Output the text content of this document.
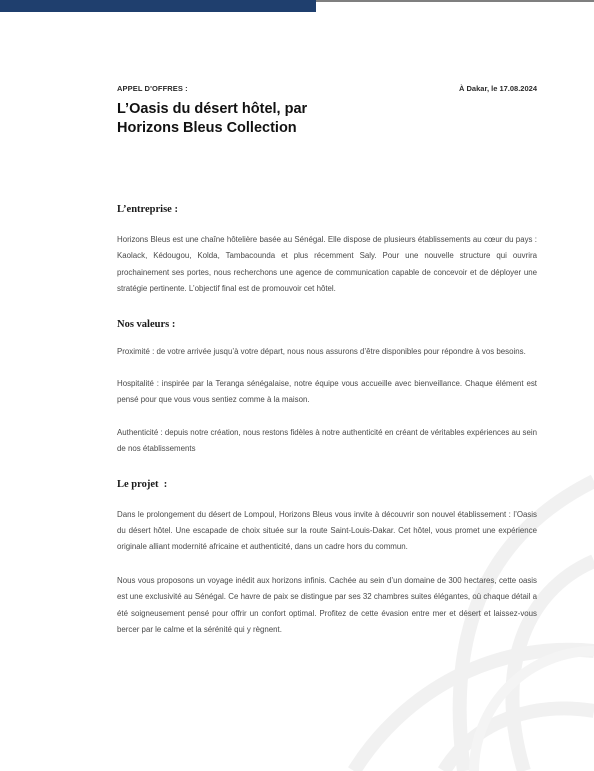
APPEL D'OFFRES :	À Dakar, le 17.08.2024
L’Oasis du désert hôtel, par
Horizons Bleus Collection

L’entreprise :

Horizons Bleus est une chaîne hôtelière basée au Sénégal. Elle dispose de plusieurs établissements au cœur du pays : Kaolack, Kédougou, Kolda, Tambacounda et plus récemment Saly. Pour une nouvelle structure qui ouvrira prochainement ses portes, nous recherchons une agence de communication capable de concevoir et de déployer une stratégie pertinente. L’objectif final est de promouvoir cet hôtel.

Nos valeurs :

Proximité : de votre arrivée jusqu’à votre départ, nous nous assurons d’être disponibles pour répondre à vos besoins.

Hospitalité : inspirée par la Teranga sénégalaise, notre équipe vous accueille avec bienveillance. Chaque élément est pensé pour que vous vous sentiez comme à la maison.

Authenticité : depuis notre création, nous restons fidèles à notre authenticité en créant de véritables expériences au sein de nos établissements

Le projet  :

Dans le prolongement du désert de Lompoul, Horizons Bleus vous invite à découvrir son nouvel établissement : l’Oasis du désert hôtel. Une escapade de choix située sur la route Saint-Louis-Dakar. Cet hôtel, vous promet une expérience originale alliant modernité africaine et authenticité, dans un cadre hors du commun.

Nous vous proposons un voyage inédit aux horizons infinis. Cachée au sein d’un domaine de 300 hectares, cette oasis est une exclusivité au Sénégal. Ce havre de paix se distingue par ses 32 chambres suites élégantes, où chaque détail a été soigneusement pensé pour offrir un confort optimal. Profitez de cette évasion entre mer et désert et laissez-vous bercer par le calme et la sérénité qui y règnent.
